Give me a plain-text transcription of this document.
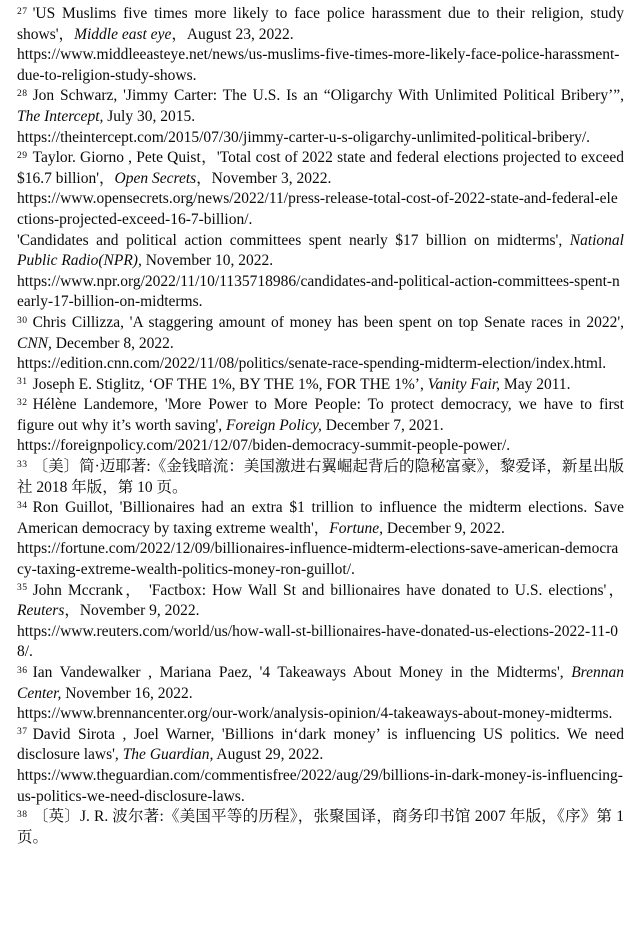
$^{27}$ 'US Muslims five times more likely to face police harassment due to their religion, study shows'，Middle east eye，August 23, 2022.
https://www.middleeasteye.net/news/us-muslims-five-times-more-likely-face-police-harassment-due-to-religion-study-shows.
$^{28}$ Jon Schwarz, 'Jimmy Carter: The U.S. Is an “Oligarchy With Unlimited Political Bribery’”, The Intercept, July 30, 2015.
https://theintercept.com/2015/07/30/jimmy-carter-u-s-oligarchy-unlimited-political-bribery/.
$^{29}$ Taylor. Giorno , Pete Quist，'Total cost of 2022 state and federal elections projected to exceed $16.7 billion'，Open Secrets，November 3, 2022.
https://www.opensecrets.org/news/2022/11/press-release-total-cost-of-2022-state-and-federal-elections-projected-exceed-16-7-billion/.
'Candidates and political action committees spent nearly $17 billion on midterms', National Public Radio(NPR), November 10, 2022.
https://www.npr.org/2022/11/10/1135718986/candidates-and-political-action-committees-spent-nearly-17-billion-on-midterms.
$^{30}$ Chris Cillizza, 'A staggering amount of money has been spent on top Senate races in 2022', CNN, December 8, 2022.
https://edition.cnn.com/2022/11/08/politics/senate-race-spending-midterm-election/index.html.
$^{31}$ Joseph E. Stiglitz, ‘OF THE 1%, BY THE 1%, FOR THE 1%’, Vanity Fair, May 2011.
$^{32}$ Hélène Landemore, 'More Power to More People: To protect democracy, we have to first figure out why it’s worth saving', Foreign Policy, December 7, 2021.
https://foreignpolicy.com/2021/12/07/biden-democracy-summit-people-power/.
$^{33}$ 〔美〕简·迈耶著:《金钱暗流：美国激进右翼崛起背后的隐秘富豪》，黎爱译，新星出版社 2018 年版，第 10 页。
$^{34}$ Ron Guillot, 'Billionaires had an extra $1 trillion to influence the midterm elections. Save American democracy by taxing extreme wealth'，Fortune, December 9, 2022.
https://fortune.com/2022/12/09/billionaires-influence-midterm-elections-save-american-democracy-taxing-extreme-wealth-politics-money-ron-guillot/.
$^{35}$ John Mccrank， 'Factbox: How Wall St and billionaires have donated to U.S. elections'，Reuters，November 9, 2022.
https://www.reuters.com/world/us/how-wall-st-billionaires-have-donated-us-elections-2022-11-08/.
$^{36}$ Ian Vandewalker , Mariana Paez, '4 Takeaways About Money in the Midterms', Brennan Center, November 16, 2022.
https://www.brennancenter.org/our-work/analysis-opinion/4-takeaways-about-money-midterms.
$^{37}$ David Sirota , Joel Warner, 'Billions in‘dark money’ is influencing US politics. We need disclosure laws', The Guardian, August 29, 2022.
https://www.theguardian.com/commentisfree/2022/aug/29/billions-in-dark-money-is-influencing-us-politics-we-need-disclosure-laws.
$^{38}$ 〔英〕J. R. 波尔著:《美国平等的历程》，张聚国译，商务印书馆 2007 年版，《序》第 1 页。
